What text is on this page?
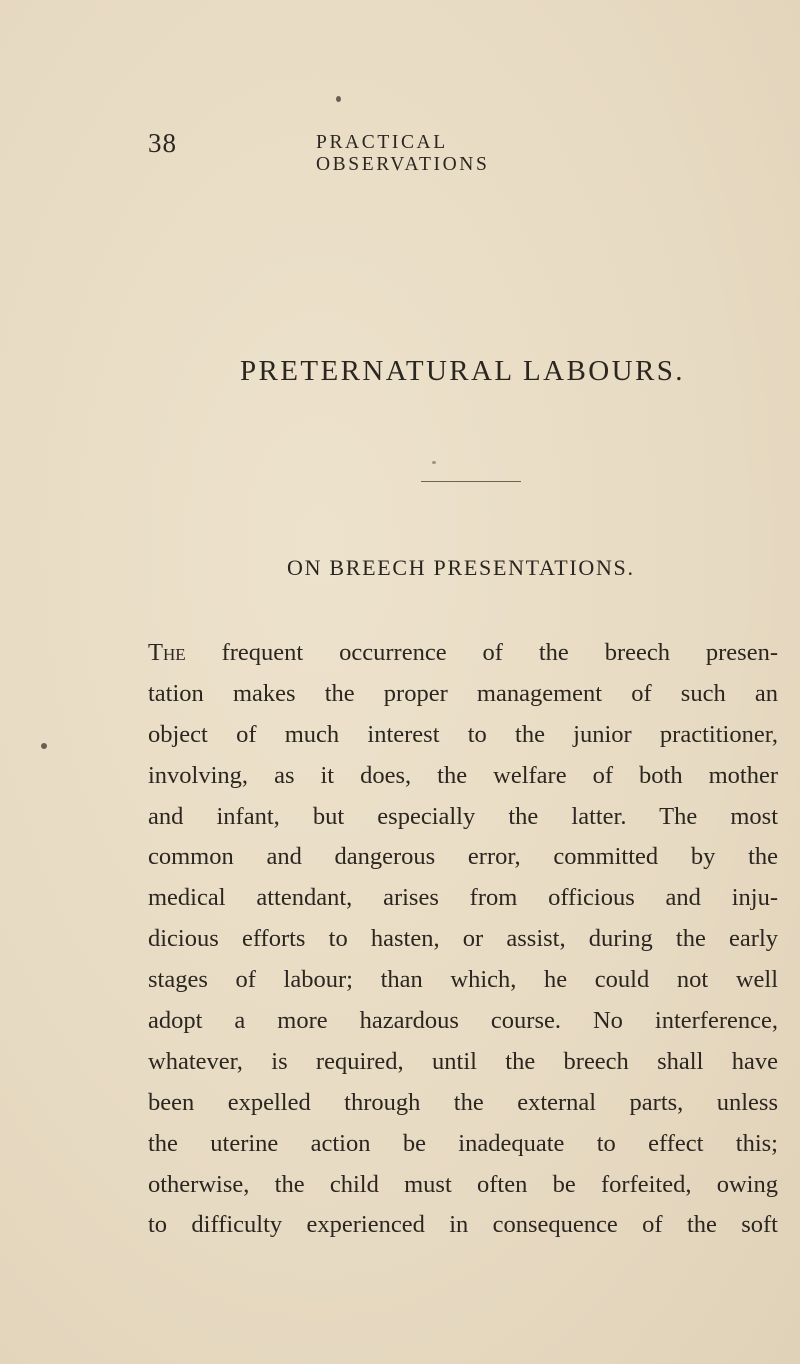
38	PRACTICAL OBSERVATIONS
PRETERNATURAL LABOURS.
ON BREECH PRESENTATIONS.
The frequent occurrence of the breech presen-
tation makes the proper management of such an
object of much interest to the junior practitioner,
involving, as it does, the welfare of both mother
and infant, but especially the latter. The most
common and dangerous error, committed by the
medical attendant, arises from officious and inju-
dicious efforts to hasten, or assist, during the early
stages of labour; than which, he could not well
adopt a more hazardous course. No interference,
whatever, is required, until the breech shall have
been expelled through the external parts, unless
the uterine action be inadequate to effect this;
otherwise, the child must often be forfeited, owing
to difficulty experienced in consequence of the soft
